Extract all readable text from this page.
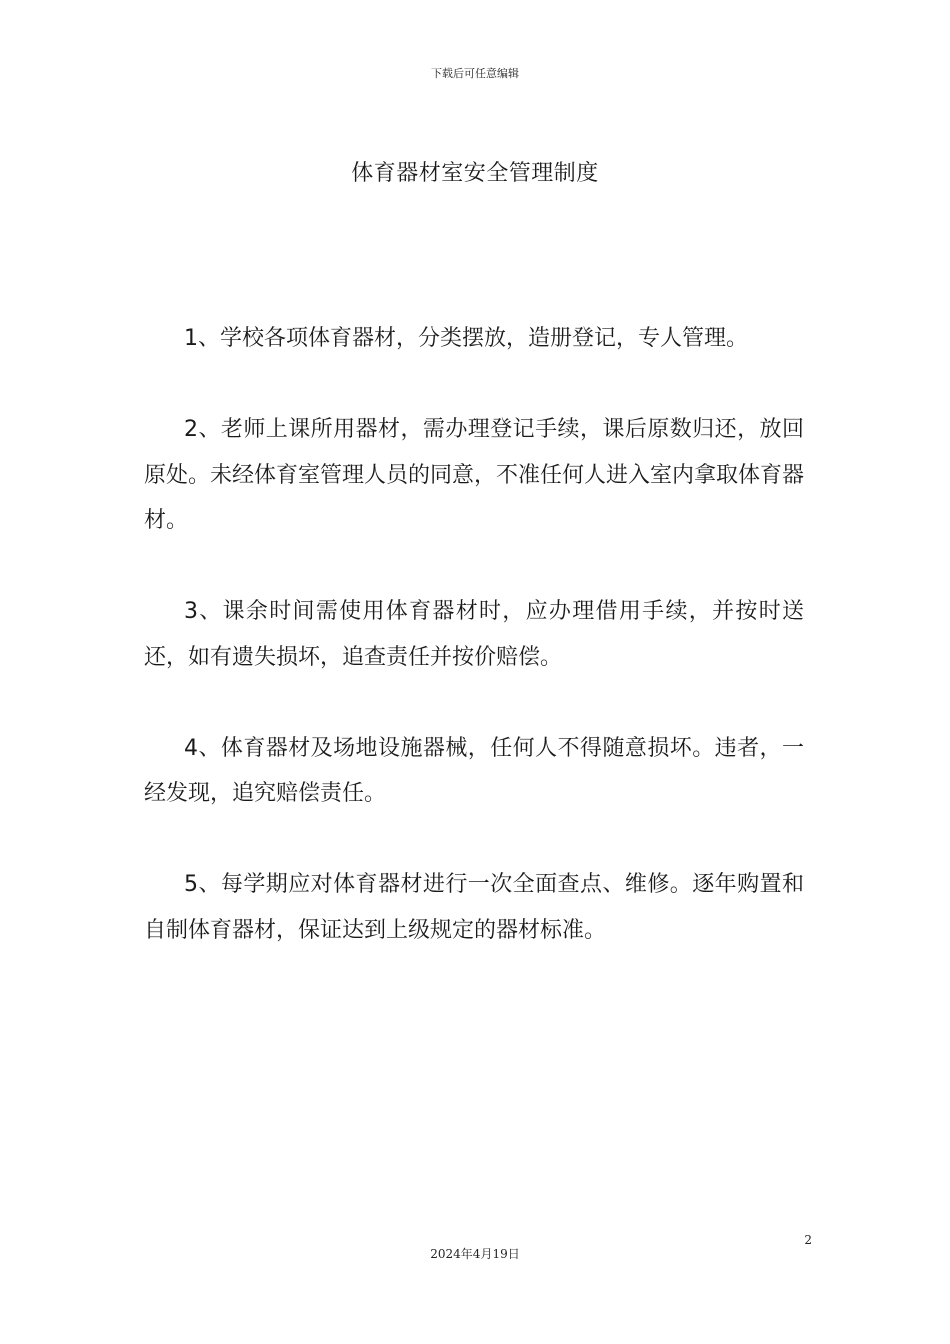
下载后可任意编辑
体育器材室安全管理制度

1、学校各项体育器材，分类摆放，造册登记，专人管理。

2、老师上课所用器材，需办理登记手续，课后原数归还，放回原处。未经体育室管理人员的同意，不准任何人进入室内拿取体育器材。

3、课余时间需使用体育器材时，应办理借用手续，并按时送还，如有遗失损坏，追查责任并按价赔偿。

4、体育器材及场地设施器械，任何人不得随意损坏。违者，一经发现，追究赔偿责任。

5、每学期应对体育器材进行一次全面查点、维修。逐年购置和自制体育器材，保证达到上级规定的器材标准。

2
2024年4月19日
